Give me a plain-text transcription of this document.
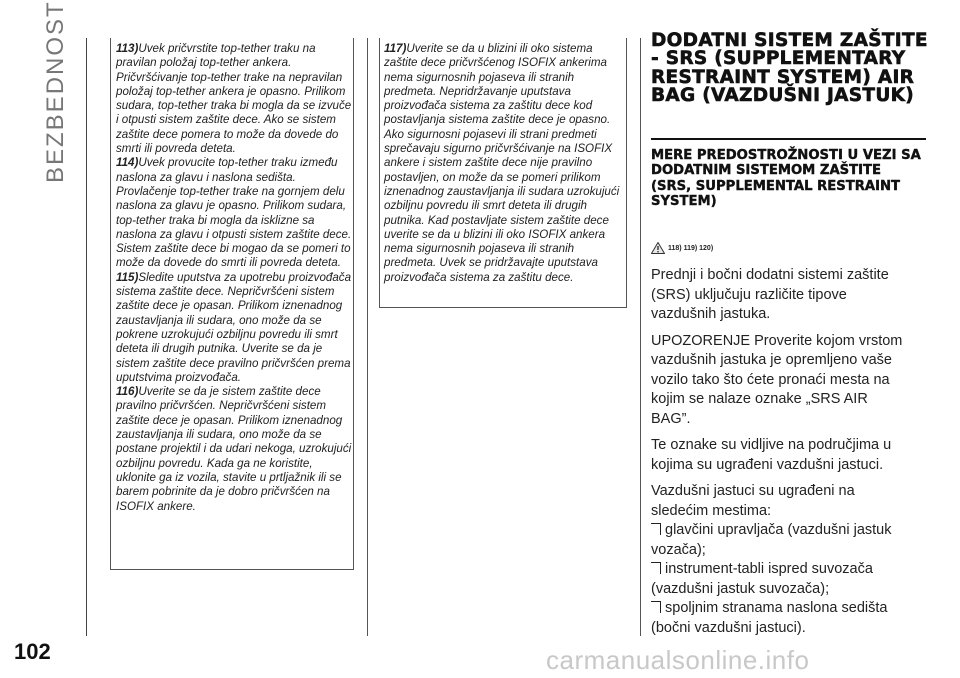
BEZBEDNOST
102

113)Uvek pričvrstite top-tether traku na pravilan položaj top-tether ankera. Pričvršćivanje top-tether trake na nepravilan položaj top-tether ankera je opasno. Prilikom sudara, top-tether traka bi mogla da se izvuče i otpusti sistem zaštite dece. Ako se sistem zaštite dece pomera to može da dovede do smrti ili povreda deteta.

114)Uvek provucite top-tether traku između naslona za glavu i naslona sedišta. Provlačenje top-tether trake na gornjem delu naslona za glavu je opasno. Prilikom sudara, top-tether traka bi mogla da isklizne sa naslona za glavu i otpusti sistem zaštite dece. Sistem zaštite dece bi mogao da se pomeri to može da dovede do smrti ili povreda deteta.

115)Sledite uputstva za upotrebu proizvođača sistema zaštite dece. Nepričvršćeni sistem zaštite dece je opasan. Prilikom iznenadnog zaustavljanja ili sudara, ono može da se pokrene uzrokujući ozbiljnu povredu ili smrt deteta ili drugih putnika. Uverite se da je sistem zaštite dece pravilno pričvršćen prema uputstvima proizvođača.

116)Uverite se da je sistem zaštite dece pravilno pričvršćen. Nepričvršćeni sistem zaštite dece je opasan. Prilikom iznenadnog zaustavljanja ili sudara, ono može da se postane projektil i da udari nekoga, uzrokujući ozbiljnu povredu. Kada ga ne koristite, uklonite ga iz vozila, stavite u prtljažnik ili se barem pobrinite da je dobro pričvršćen na ISOFIX ankere.

117)Uverite se da u blizini ili oko sistema zaštite dece pričvršćenog ISOFIX ankerima nema sigurnosnih pojaseva ili stranih predmeta. Nepridržavanje uputstava proizvođača sistema za zaštitu dece kod postavljanja sistema zaštite dece je opasno. Ako sigurnosni pojasevi ili strani predmeti sprečavaju sigurno pričvršćivanje na ISOFIX ankere i sistem zaštite dece nije pravilno postavljen, on može da se pomeri prilikom iznenadnog zaustavljanja ili sudara uzrokujući ozbiljnu povredu ili smrt deteta ili drugih putnika. Kad postavljate sistem zaštite dece uverite se da u blizini ili oko ISOFIX ankera nema sigurnosnih pojaseva ili stranih predmeta. Uvek se pridržavajte uputstava proizvođača sistema za zaštitu dece.

DODATNI SISTEM ZAŠTITE - SRS (SUPPLEMENTARY RESTRAINT SYSTEM) AIR BAG (VAZDUŠNI JASTUK)
MERE PREDOSTROŽNOSTI U VEZI SA DODATNIM SISTEMOM ZAŠTITE (SRS, SUPPLEMENTAL RESTRAINT SYSTEM)
118) 119) 120)

Prednji i bočni dodatni sistemi zaštite (SRS) uključuju različite tipove vazdušnih jastuka.

UPOZORENJE Proverite kojom vrstom vazdušnih jastuka je opremljeno vaše vozilo tako što ćete pronaći mesta na kojim se nalaze oznake „SRS AIR BAG”.

Te oznake su vidljive na područjima u kojima su ugrađeni vazdušni jastuci.

Vazdušni jastuci su ugrađeni na sledećim mestima:

glavčini upravljača (vazdušni jastuk vozača);
instrument-tabli ispred suvozača (vazdušni jastuk suvozača);
spoljnim stranama naslona sedišta (bočni vazdušni jastuci).
carmanualsonline.info
